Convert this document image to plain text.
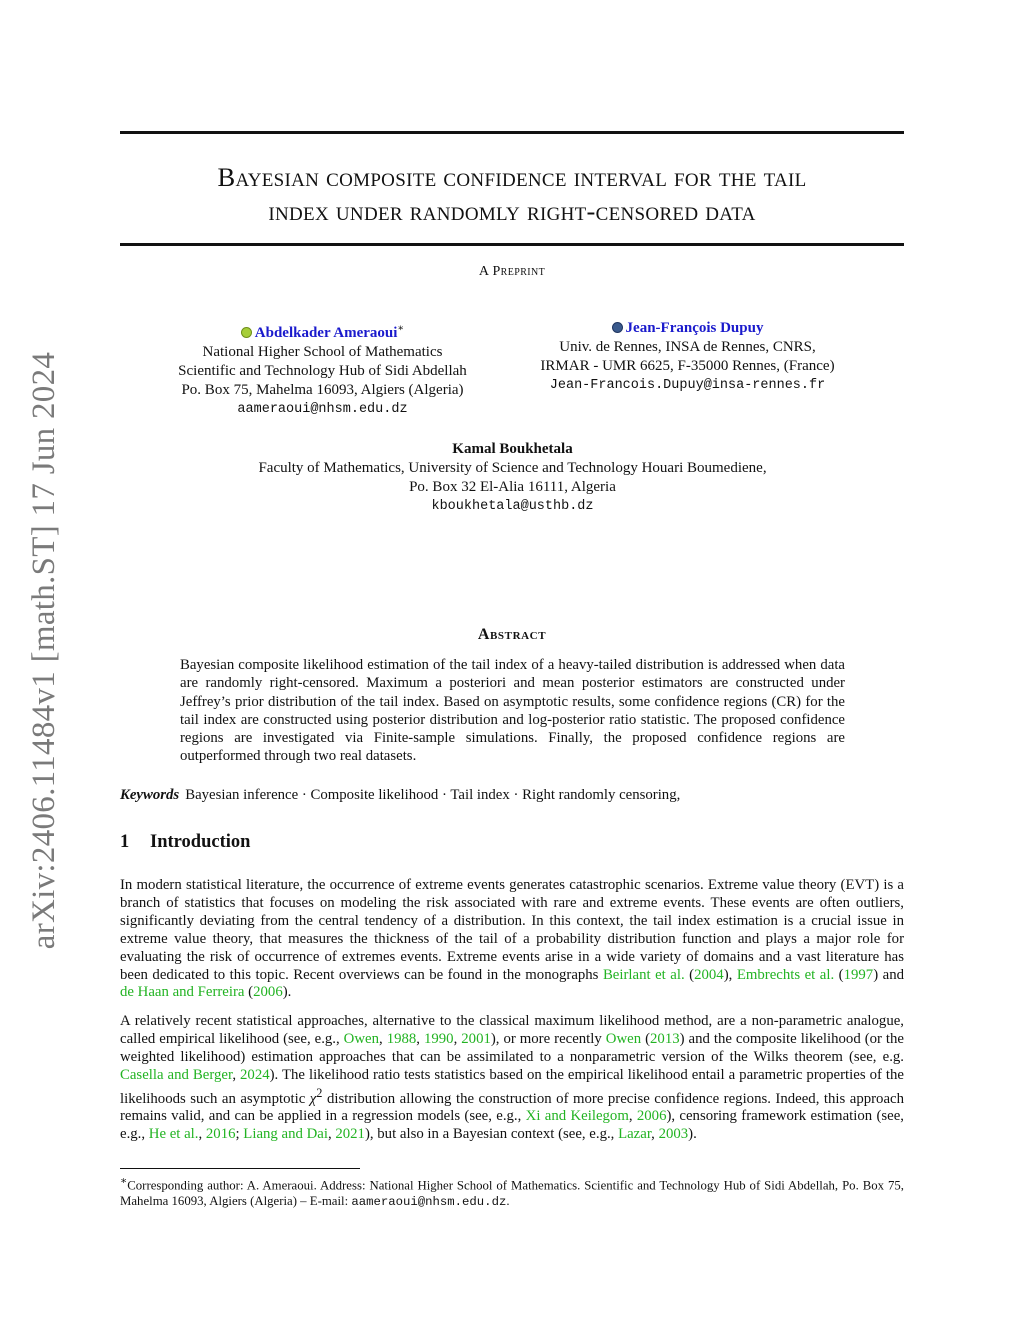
arXiv:2406.11484v1 [math.ST] 17 Jun 2024
Bayesian composite confidence interval for the tail
index under randomly right-censored data
A Preprint
Abdelkader Ameraoui∗
National Higher School of Mathematics
Scientific and Technology Hub of Sidi Abdellah
Po. Box 75, Mahelma 16093, Algiers (Algeria)
aameraoui@nhsm.edu.dz
Jean-François Dupuy
Univ. de Rennes, INSA de Rennes, CNRS,
IRMAR - UMR 6625, F-35000 Rennes, (France)
Jean-Francois.Dupuy@insa-rennes.fr
Kamal Boukhetala
Faculty of Mathematics, University of Science and Technology Houari Boumediene,
Po. Box 32 El-Alia 16111, Algeria
kboukhetala@usthb.dz
Abstract
Bayesian composite likelihood estimation of the tail index of a heavy-tailed distribution is addressed when data are randomly right-censored. Maximum a posteriori and mean posterior estimators are constructed under Jeffrey’s prior distribution of the tail index. Based on asymptotic results, some confidence regions (CR) for the tail index are constructed using posterior distribution and log-posterior ratio statistic. The proposed confidence regions are investigated via Finite-sample simulations. Finally, the proposed confidence regions are outperformed through two real datasets.
Keywords Bayesian inference · Composite likelihood · Tail index · Right randomly censoring,
1 Introduction
In modern statistical literature, the occurrence of extreme events generates catastrophic scenarios. Extreme value theory (EVT) is a branch of statistics that focuses on modeling the risk associated with rare and extreme events. These events are often outliers, significantly deviating from the central tendency of a distribution. In this context, the tail index estimation is a crucial issue in extreme value theory, that measures the thickness of the tail of a probability distribution function and plays a major role for evaluating the risk of occurrence of extremes events. Extreme events arise in a wide variety of domains and a vast literature has been dedicated to this topic. Recent overviews can be found in the monographs Beirlant et al. (2004), Embrechts et al. (1997) and de Haan and Ferreira (2006).
A relatively recent statistical approaches, alternative to the classical maximum likelihood method, are a non-parametric analogue, called empirical likelihood (see, e.g., Owen, 1988, 1990, 2001), or more recently Owen (2013) and the composite likelihood (or the weighted likelihood) estimation approaches that can be assimilated to a nonparametric version of the Wilks theorem (see, e.g. Casella and Berger, 2024). The likelihood ratio tests statistics based on the empirical likelihood entail a parametric properties of the likelihoods such an asymptotic $\chi^2$ distribution allowing the construction of more precise confidence regions. Indeed, this approach remains valid, and can be applied in a regression models (see, e.g., Xi and Keilegom, 2006), censoring framework estimation (see, e.g., He et al., 2016; Liang and Dai, 2021), but also in a Bayesian context (see, e.g., Lazar, 2003).
∗Corresponding author: A. Ameraoui. Address: National Higher School of Mathematics. Scientific and Technology Hub of Sidi Abdellah, Po. Box 75, Mahelma 16093, Algiers (Algeria) – E-mail: aameraoui@nhsm.edu.dz.
